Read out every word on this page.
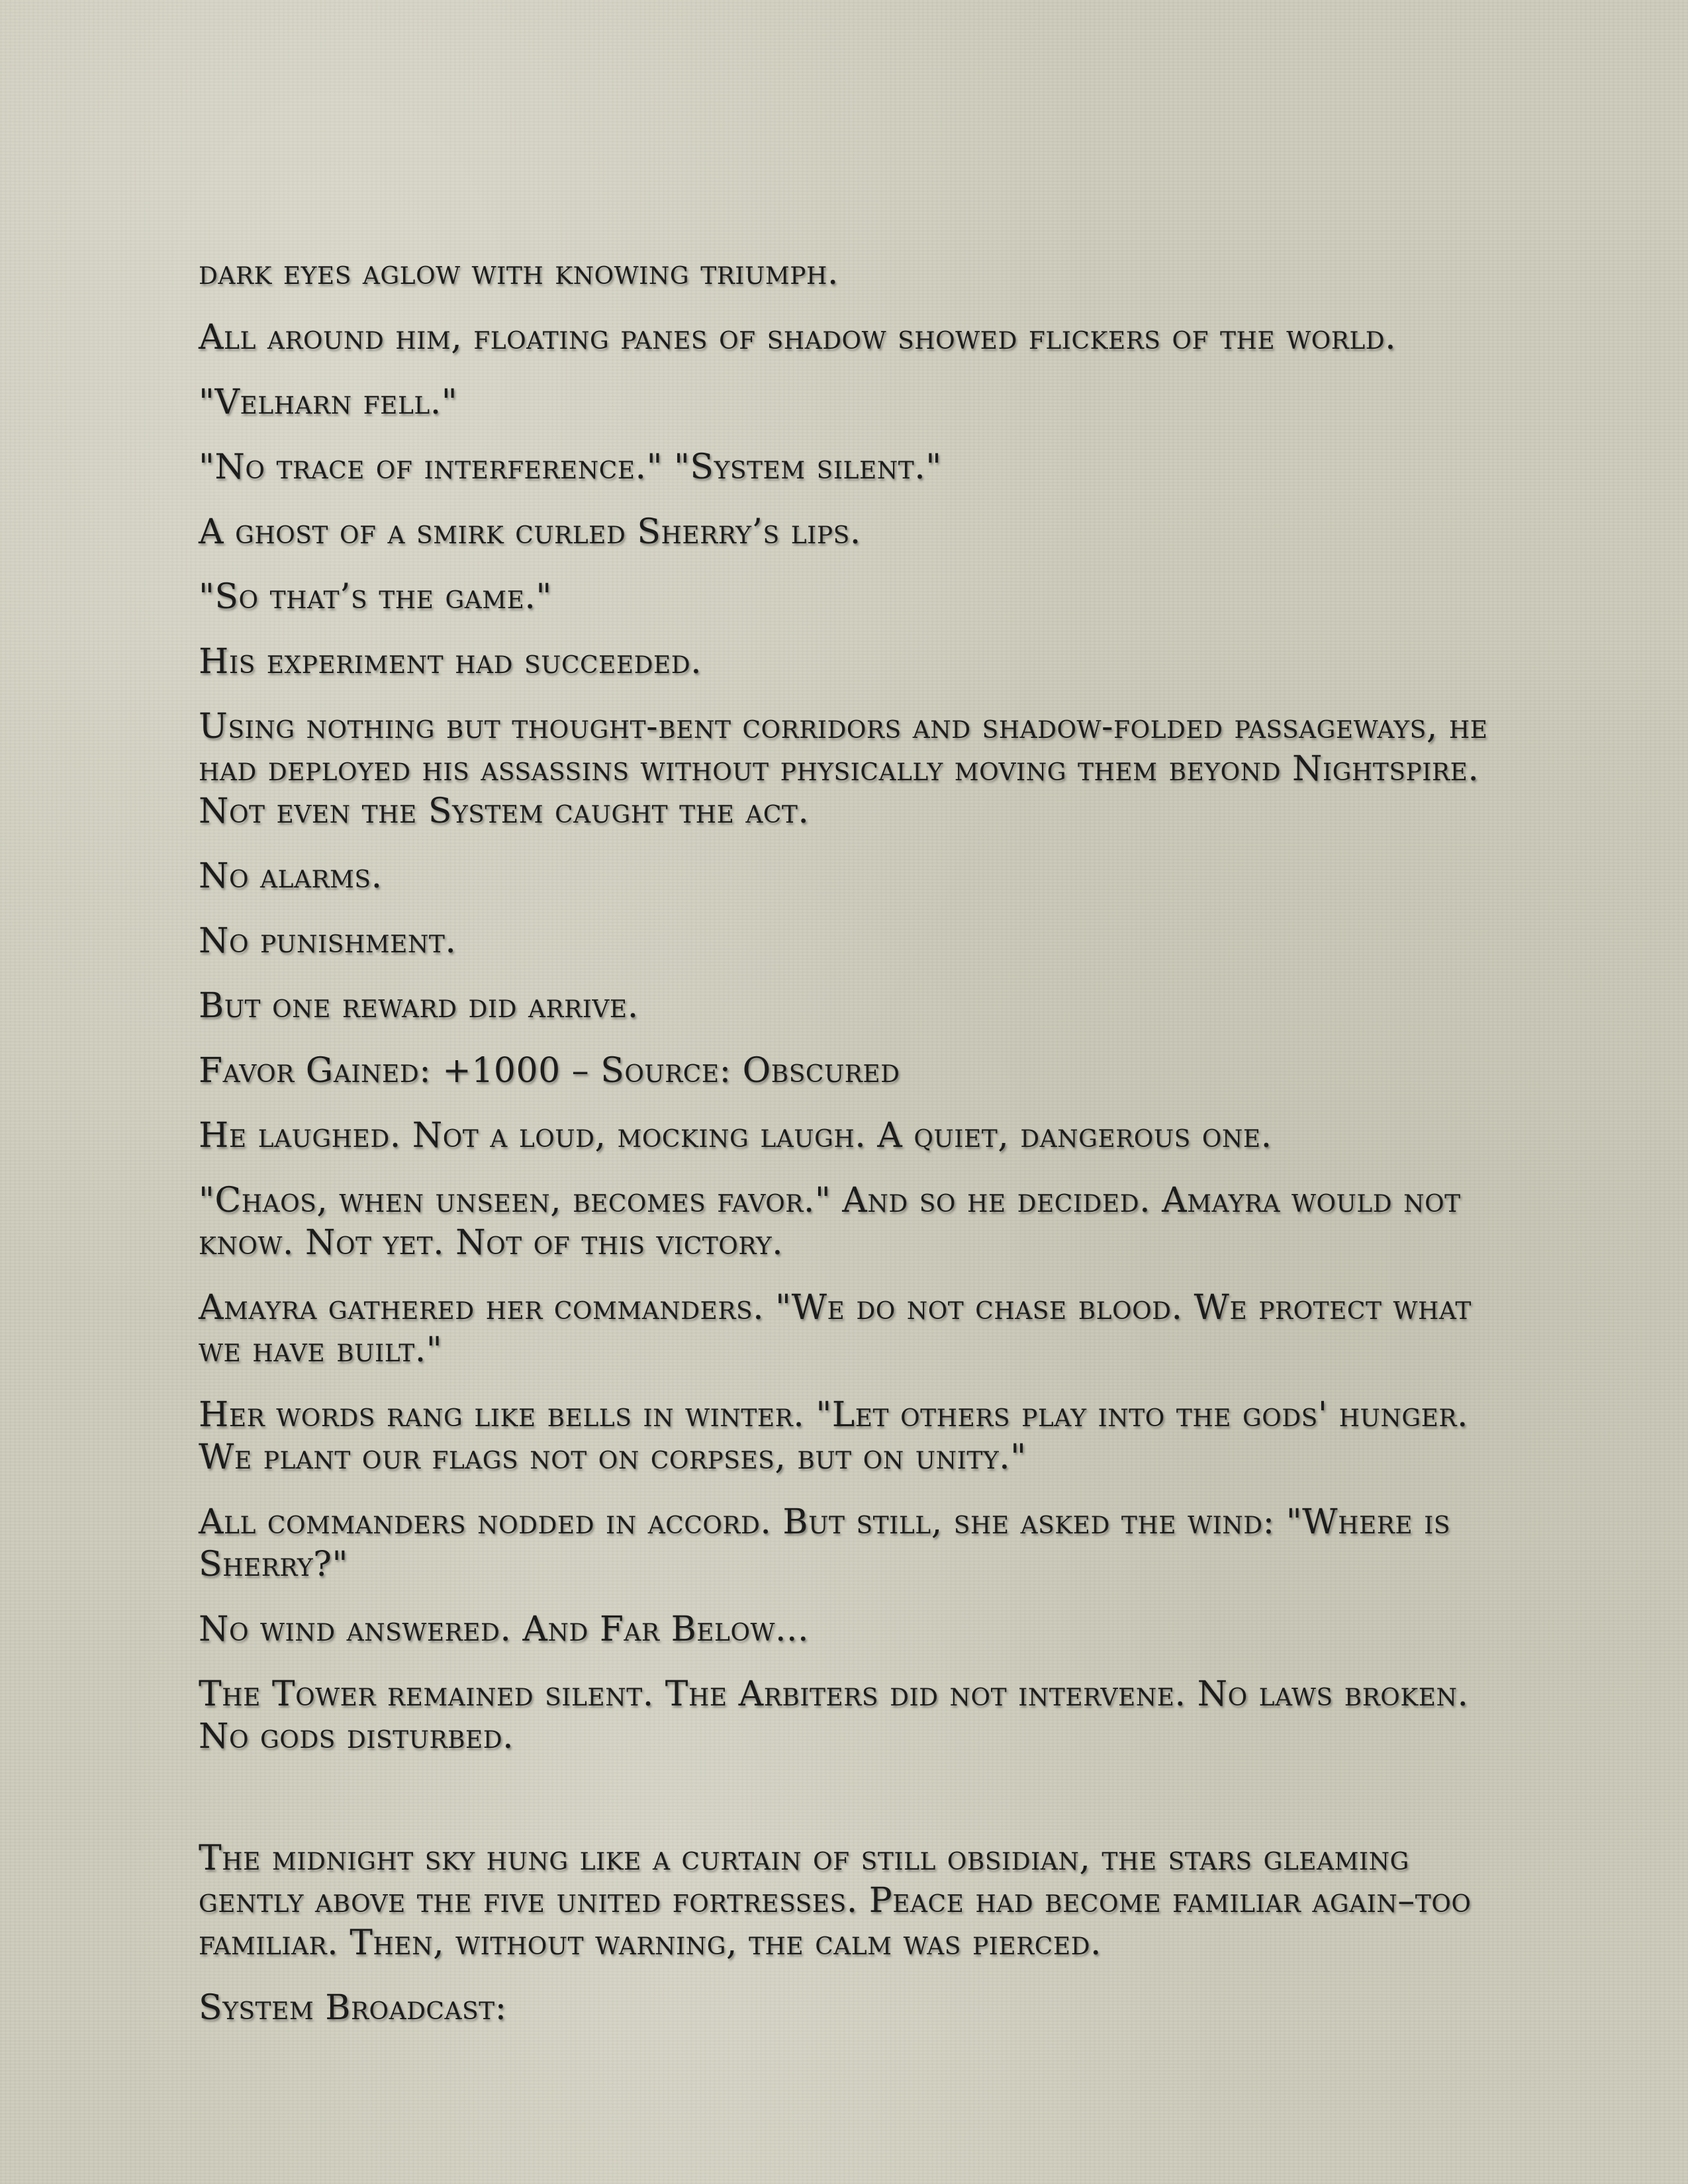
dark eyes aglow with knowing triumph.

All around him, floating panes of shadow showed flickers of the world.

"Velharn fell."

"No trace of interference." "System silent."

A ghost of a smirk curled Sherry’s lips.

"So that’s the game."

His experiment had succeeded.

Using nothing but thought-bent corridors and shadow-folded passageways, he had deployed his assassins without physically moving them beyond Nightspire. Not even the System caught the act.

No alarms.

No punishment.

But one reward did arrive.

Favor Gained: +1000 – Source: Obscured

He laughed. Not a loud, mocking laugh. A quiet, dangerous one.

"Chaos, when unseen, becomes favor." And so he decided. Amayra would not know. Not yet. Not of this victory.

Amayra gathered her commanders. "We do not chase blood. We protect what we have built."

Her words rang like bells in winter. "Let others play into the gods' hunger. We plant our flags not on corpses, but on unity."

All commanders nodded in accord. But still, she asked the wind: "Where is Sherry?"

No wind answered. And Far Below...

The Tower remained silent. The Arbiters did not intervene. No laws broken. No gods disturbed.

The midnight sky hung like a curtain of still obsidian, the stars gleaming gently above the five united fortresses. Peace had become familiar again–too familiar. Then, without warning, the calm was pierced.

System Broadcast:
